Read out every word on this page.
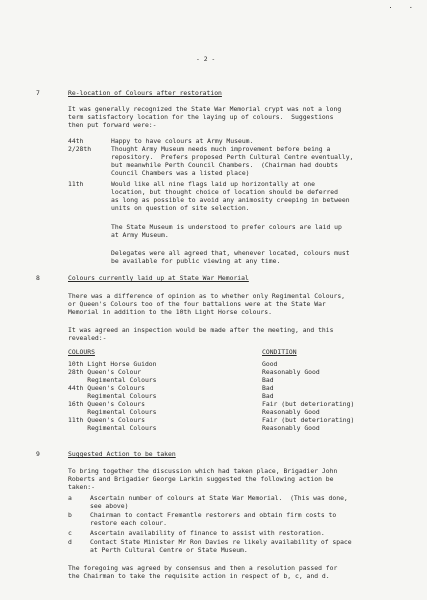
. .
- 2 -
7	Re-location of Colours after restoration
It was generally recognized the State War Memorial crypt was not a long
term satisfactory location for the laying up of colours.  Suggestions
then put forward were:-
44th	Happy to have colours at Army Museum.
2/28th	Thought Army Museum needs much improvement before being a
repository.  Prefers proposed Perth Cultural Centre eventually,
but meanwhile Perth Council Chambers.  (Chairman had doubts
Council Chambers was a listed place)
11th	Would like all nine flags laid up horizontally at one
location, but thought choice of location should be deferred
as long as possible to avoid any animosity creeping in between
units on question of site selection.
The State Museum is understood to prefer colours are laid up
at Army Museum.
Delegates were all agreed that, whenever located, colours must
be available for public viewing at any time.
8	Colours currently laid up at State War Memorial
There was a difference of opinion as to whether only Regimental Colours,
or Queen's Colours too of the four battalions were at the State War
Memorial in addition to the 10th Light Horse colours.
It was agreed an inspection would be made after the meeting, and this
revealed:-
COLOURS	CONDITION
10th Light Horse Guidon	Good
28th Queen's Colour	Reasonably Good
Regimental Colours	Bad
44th Queen's Colours	Bad
Regimental Colours	Bad
16th Queen's Colours	Fair (but deteriorating)
Regimental Colours	Reasonably Good
11th Queen's Colours	Fair (but deteriorating)
Regimental Colours	Reasonably Good
9	Suggested Action to be taken
To bring together the discussion which had taken place, Brigadier John
Roberts and Brigadier George Larkin suggested the following action be
taken:-
a	Ascertain number of colours at State War Memorial.  (This was done,
see above)
b	Chairman to contact Fremantle restorers and obtain firm costs to
restore each colour.
c	Ascertain availability of finance to assist with restoration.
d	Contact State Minister Mr Ron Davies re likely availability of space
at Perth Cultural Centre or State Museum.
The foregoing was agreed by consensus and then a resolution passed for
the Chairman to take the requisite action in respect of b, c, and d.
